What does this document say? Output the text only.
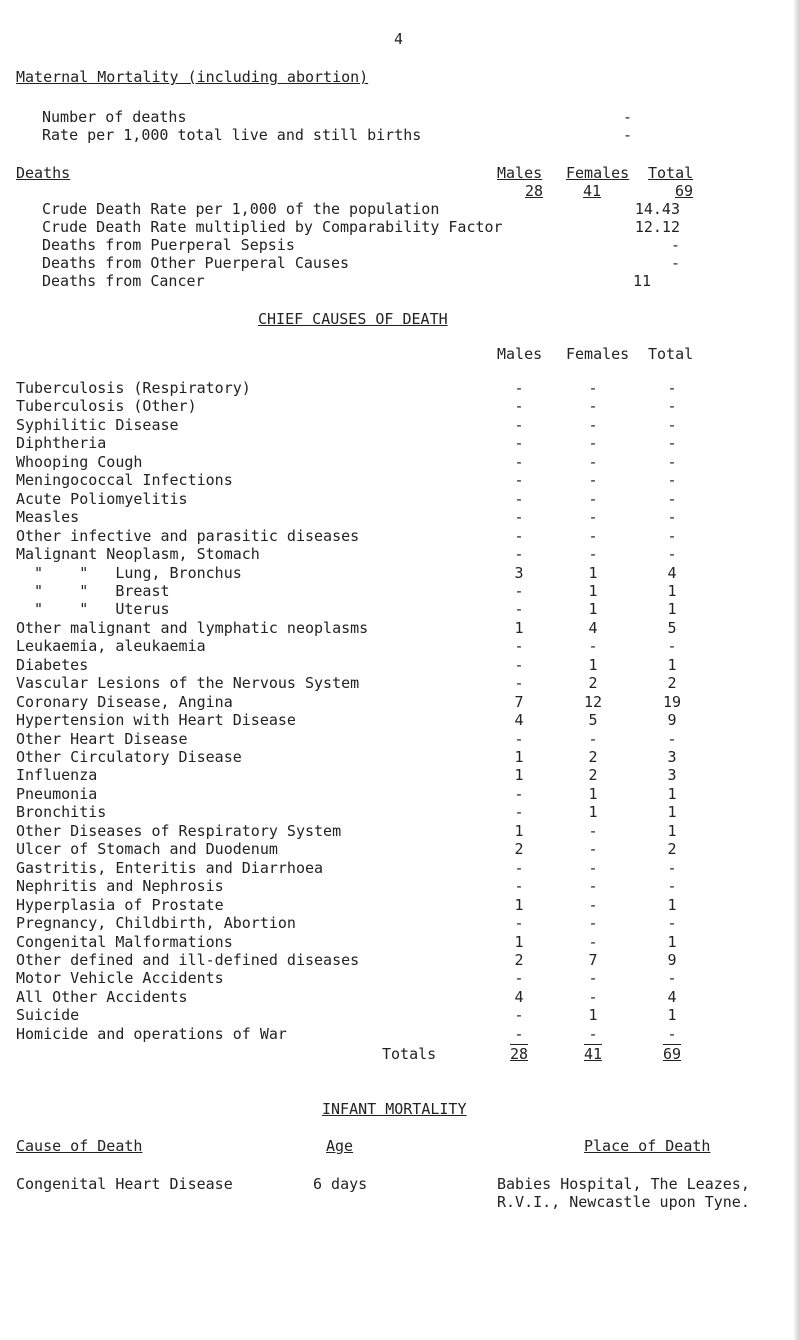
4
Maternal Mortality (including abortion)
Number of deaths	-
Rate per 1,000 total live and still births	-
Deaths	Males Females Total
28	41	69
Crude Death Rate per 1,000 of the population	14.43
Crude Death Rate multiplied by Comparability Factor	12.12
Deaths from Puerperal Sepsis	-
Deaths from Other Puerperal Causes	-
Deaths from Cancer	11
CHIEF CAUSES OF DEATH
Males Females Total
Tuberculosis (Respiratory)	-	-	-
Tuberculosis (Other)	-	-	-
Syphilitic Disease	-	-	-
Diphtheria	-	-	-
Whooping Cough	-	-	-
Meningococcal Infections	-	-	-
Acute Poliomyelitis	-	-	-
Measles	-	-	-
Other infective and parasitic diseases	-	-	-
Malignant Neoplasm, Stomach	-	-	-
"    "   Lung, Bronchus	3	1	4
"    "   Breast	-	1	1
"    "   Uterus	-	1	1
Other malignant and lymphatic neoplasms	1	4	5
Leukaemia, aleukaemia	-	-	-
Diabetes	-	1	1
Vascular Lesions of the Nervous System	-	2	2
Coronary Disease, Angina	7	12	19
Hypertension with Heart Disease	4	5	9
Other Heart Disease	-	-	-
Other Circulatory Disease	1	2	3
Influenza	1	2	3
Pneumonia	-	1	1
Bronchitis	-	1	1
Other Diseases of Respiratory System	1	-	1
Ulcer of Stomach and Duodenum	2	-	2
Gastritis, Enteritis and Diarrhoea	-	-	-
Nephritis and Nephrosis	-	-	-
Hyperplasia of Prostate	1	-	1
Pregnancy, Childbirth, Abortion	-	-	-
Congenital Malformations	1	-	1
Other defined and ill-defined diseases	2	7	9
Motor Vehicle Accidents	-	-	-
All Other Accidents	4	-	4
Suicide	-	1	1
Homicide and operations of War	-	-	-
Totals	28	41	69
INFANT MORTALITY
Cause of Death	Age	Place of Death
Congenital Heart Disease	6 days	Babies Hospital, The Leazes,
R.V.I., Newcastle upon Tyne.
